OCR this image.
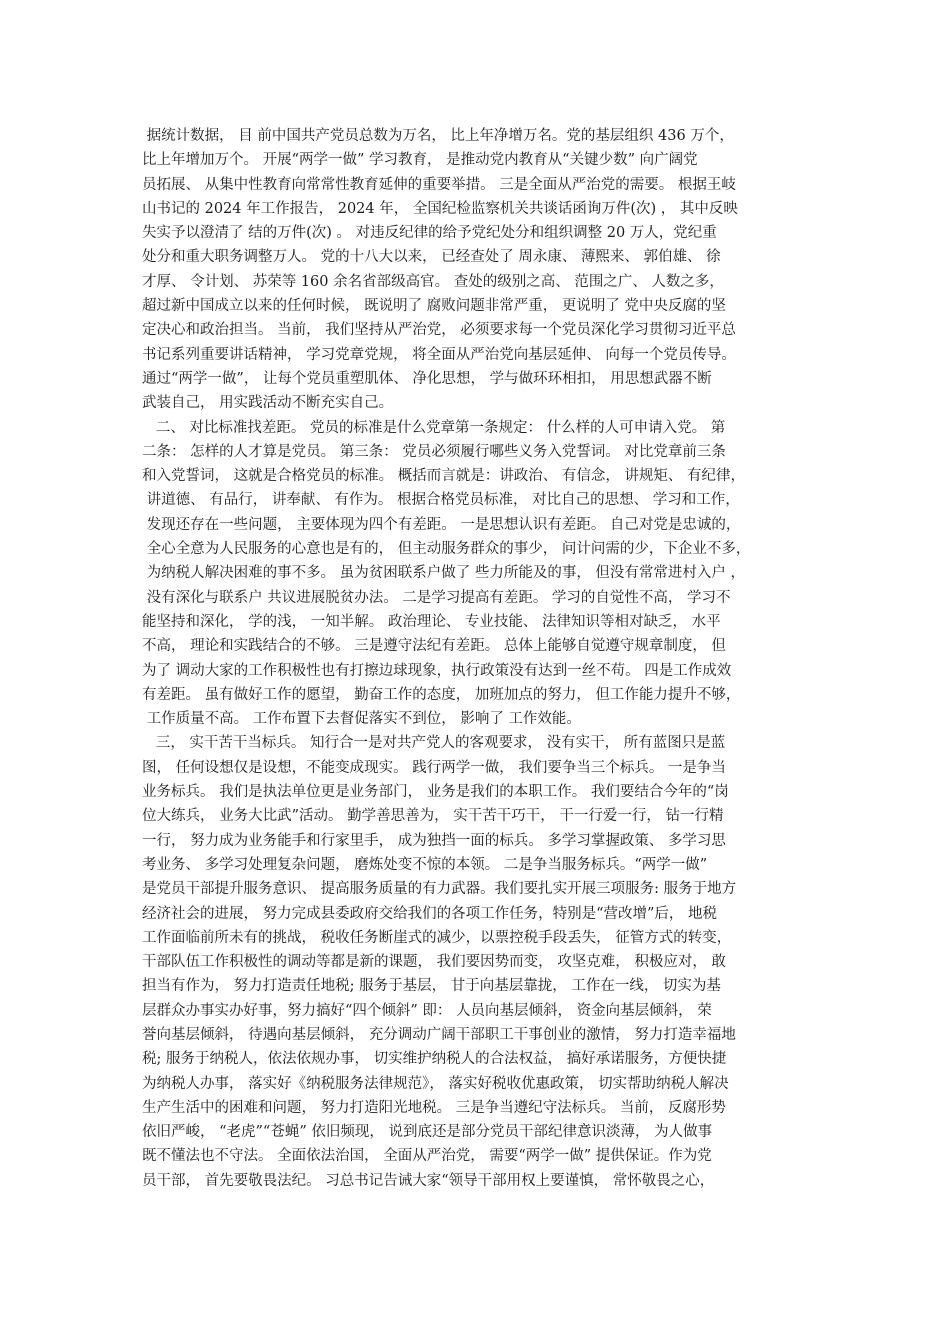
据统计数据， 目 前中国共产党员总数为万名， 比上年净增万名。党的基层组织 436 万个，
比上年增加万个。 开展“两学一做” 学习教育， 是推动党内教育从“关键少数” 向广阔党
员拓展、 从集中性教育向常常性教育延伸的重要举措。 三是全面从严治党的需要。 根据王岐
山书记的 2024 年工作报告， 2024 年， 全国纪检监察机关共谈话函询万件(次) ， 其中反映
失实予以澄清了 结的万件(次) 。 对违反纪律的给予党纪处分和组织调整 20 万人，党纪重
处分和重大职务调整万人。 党的十八大以来， 已经查处了 周永康、 薄熙来、 郭伯雄、 徐
才厚、 令计划、 苏荣等 160 余名省部级高官。 查处的级别之高、 范围之广、 人数之多，
超过新中国成立以来的任何时候， 既说明了 腐败问题非常严重， 更说明了 党中央反腐的坚
定决心和政治担当。 当前， 我们坚持从严治党， 必须要求每一个党员深化学习贯彻习近平总
书记系列重要讲话精神， 学习党章党规， 将全面从严治党向基层延伸、 向每一个党员传导。
通过“两学一做”， 让每个党员重塑肌体、 净化思想， 学与做环环相扣， 用思想武器不断
武装自己， 用实践活动不断充实自己。
二、 对比标准找差距。 党员的标准是什么党章第一条规定： 什么样的人可申请入党。 第
二条： 怎样的人才算是党员。 第三条： 党员必须履行哪些义务入党誓词。 对比党章前三条
和入党誓词， 这就是合格党员的标准。 概括而言就是：讲政治、 有信念， 讲规矩、 有纪律，
讲道德、 有品行， 讲奉献、 有作为。 根据合格党员标准， 对比自己的思想、 学习和工作，
发现还存在一些问题， 主要体现为四个有差距。 一是思想认识有差距。 自己对党是忠诚的，
全心全意为人民服务的心意也是有的， 但主动服务群众的事少， 问计问需的少，下企业不多，
为纳税人解决困难的事不多。 虽为贫困联系户做了 些力所能及的事， 但没有常常进村入户 ，
没有深化与联系户 共议进展脱贫办法。 二是学习提高有差距。 学习的自觉性不高， 学习不
能坚持和深化， 学的浅， 一知半解。 政治理论、 专业技能、 法律知识等相对缺乏， 水平
不高， 理论和实践结合的不够。 三是遵守法纪有差距。 总体上能够自觉遵守规章制度， 但
为了 调动大家的工作积极性也有打擦边球现象，执行政策没有达到一丝不苟。 四是工作成效
有差距。 虽有做好工作的愿望， 勤奋工作的态度， 加班加点的努力， 但工作能力提升不够，
工作质量不高。 工作布置下去督促落实不到位， 影响了 工作效能。
三， 实干苦干当标兵。 知行合一是对共产党人的客观要求， 没有实干， 所有蓝图只是蓝
图， 任何设想仅是设想，不能变成现实。 践行两学一做， 我们要争当三个标兵。 一是争当
业务标兵。 我们是执法单位更是业务部门， 业务是我们的本职工作。 我们要结合今年的“岗
位大练兵， 业务大比武”活动。 勤学善思善为， 实干苦干巧干， 干一行爱一行， 钻一行精
一行， 努力成为业务能手和行家里手， 成为独挡一面的标兵。 多学习掌握政策、 多学习思
考业务、 多学习处理复杂问题， 磨炼处变不惊的本领。 二是争当服务标兵。“两学一做”
是党员干部提升服务意识、 提高服务质量的有力武器。我们要扎实开展三项服务: 服务于地方
经济社会的进展， 努力完成县委政府交给我们的各项工作任务，特别是“营改增”后， 地税
工作面临前所未有的挑战， 税收任务断崖式的减少，以票控税手段丢失， 征管方式的转变，
干部队伍工作积极性的调动等都是新的课题， 我们要因势而变， 攻坚克难， 积极应对， 敢
担当有作为， 努力打造责任地税; 服务于基层， 甘于向基层靠拢， 工作在一线， 切实为基
层群众办事实办好事，努力搞好“四个倾斜” 即： 人员向基层倾斜， 资金向基层倾斜， 荣
誉向基层倾斜， 待遇向基层倾斜， 充分调动广阔干部职工干事创业的激情， 努力打造幸福地
税; 服务于纳税人，依法依规办事， 切实维护纳税人的合法权益， 搞好承诺服务，方便快捷
为纳税人办事， 落实好《纳税服务法律规范》， 落实好税收优惠政策， 切实帮助纳税人解决
生产生活中的困难和问题， 努力打造阳光地税。 三是争当遵纪守法标兵。 当前， 反腐形势
依旧严峻， “老虎”“苍蝇” 依旧频现， 说到底还是部分党员干部纪律意识淡薄， 为人做事
既不懂法也不守法。 全面依法治国， 全面从严治党， 需要“两学一做” 提供保证。作为党
员干部， 首先要敬畏法纪。 习总书记告诫大家“领导干部用权上要谨慎， 常怀敬畏之心，
